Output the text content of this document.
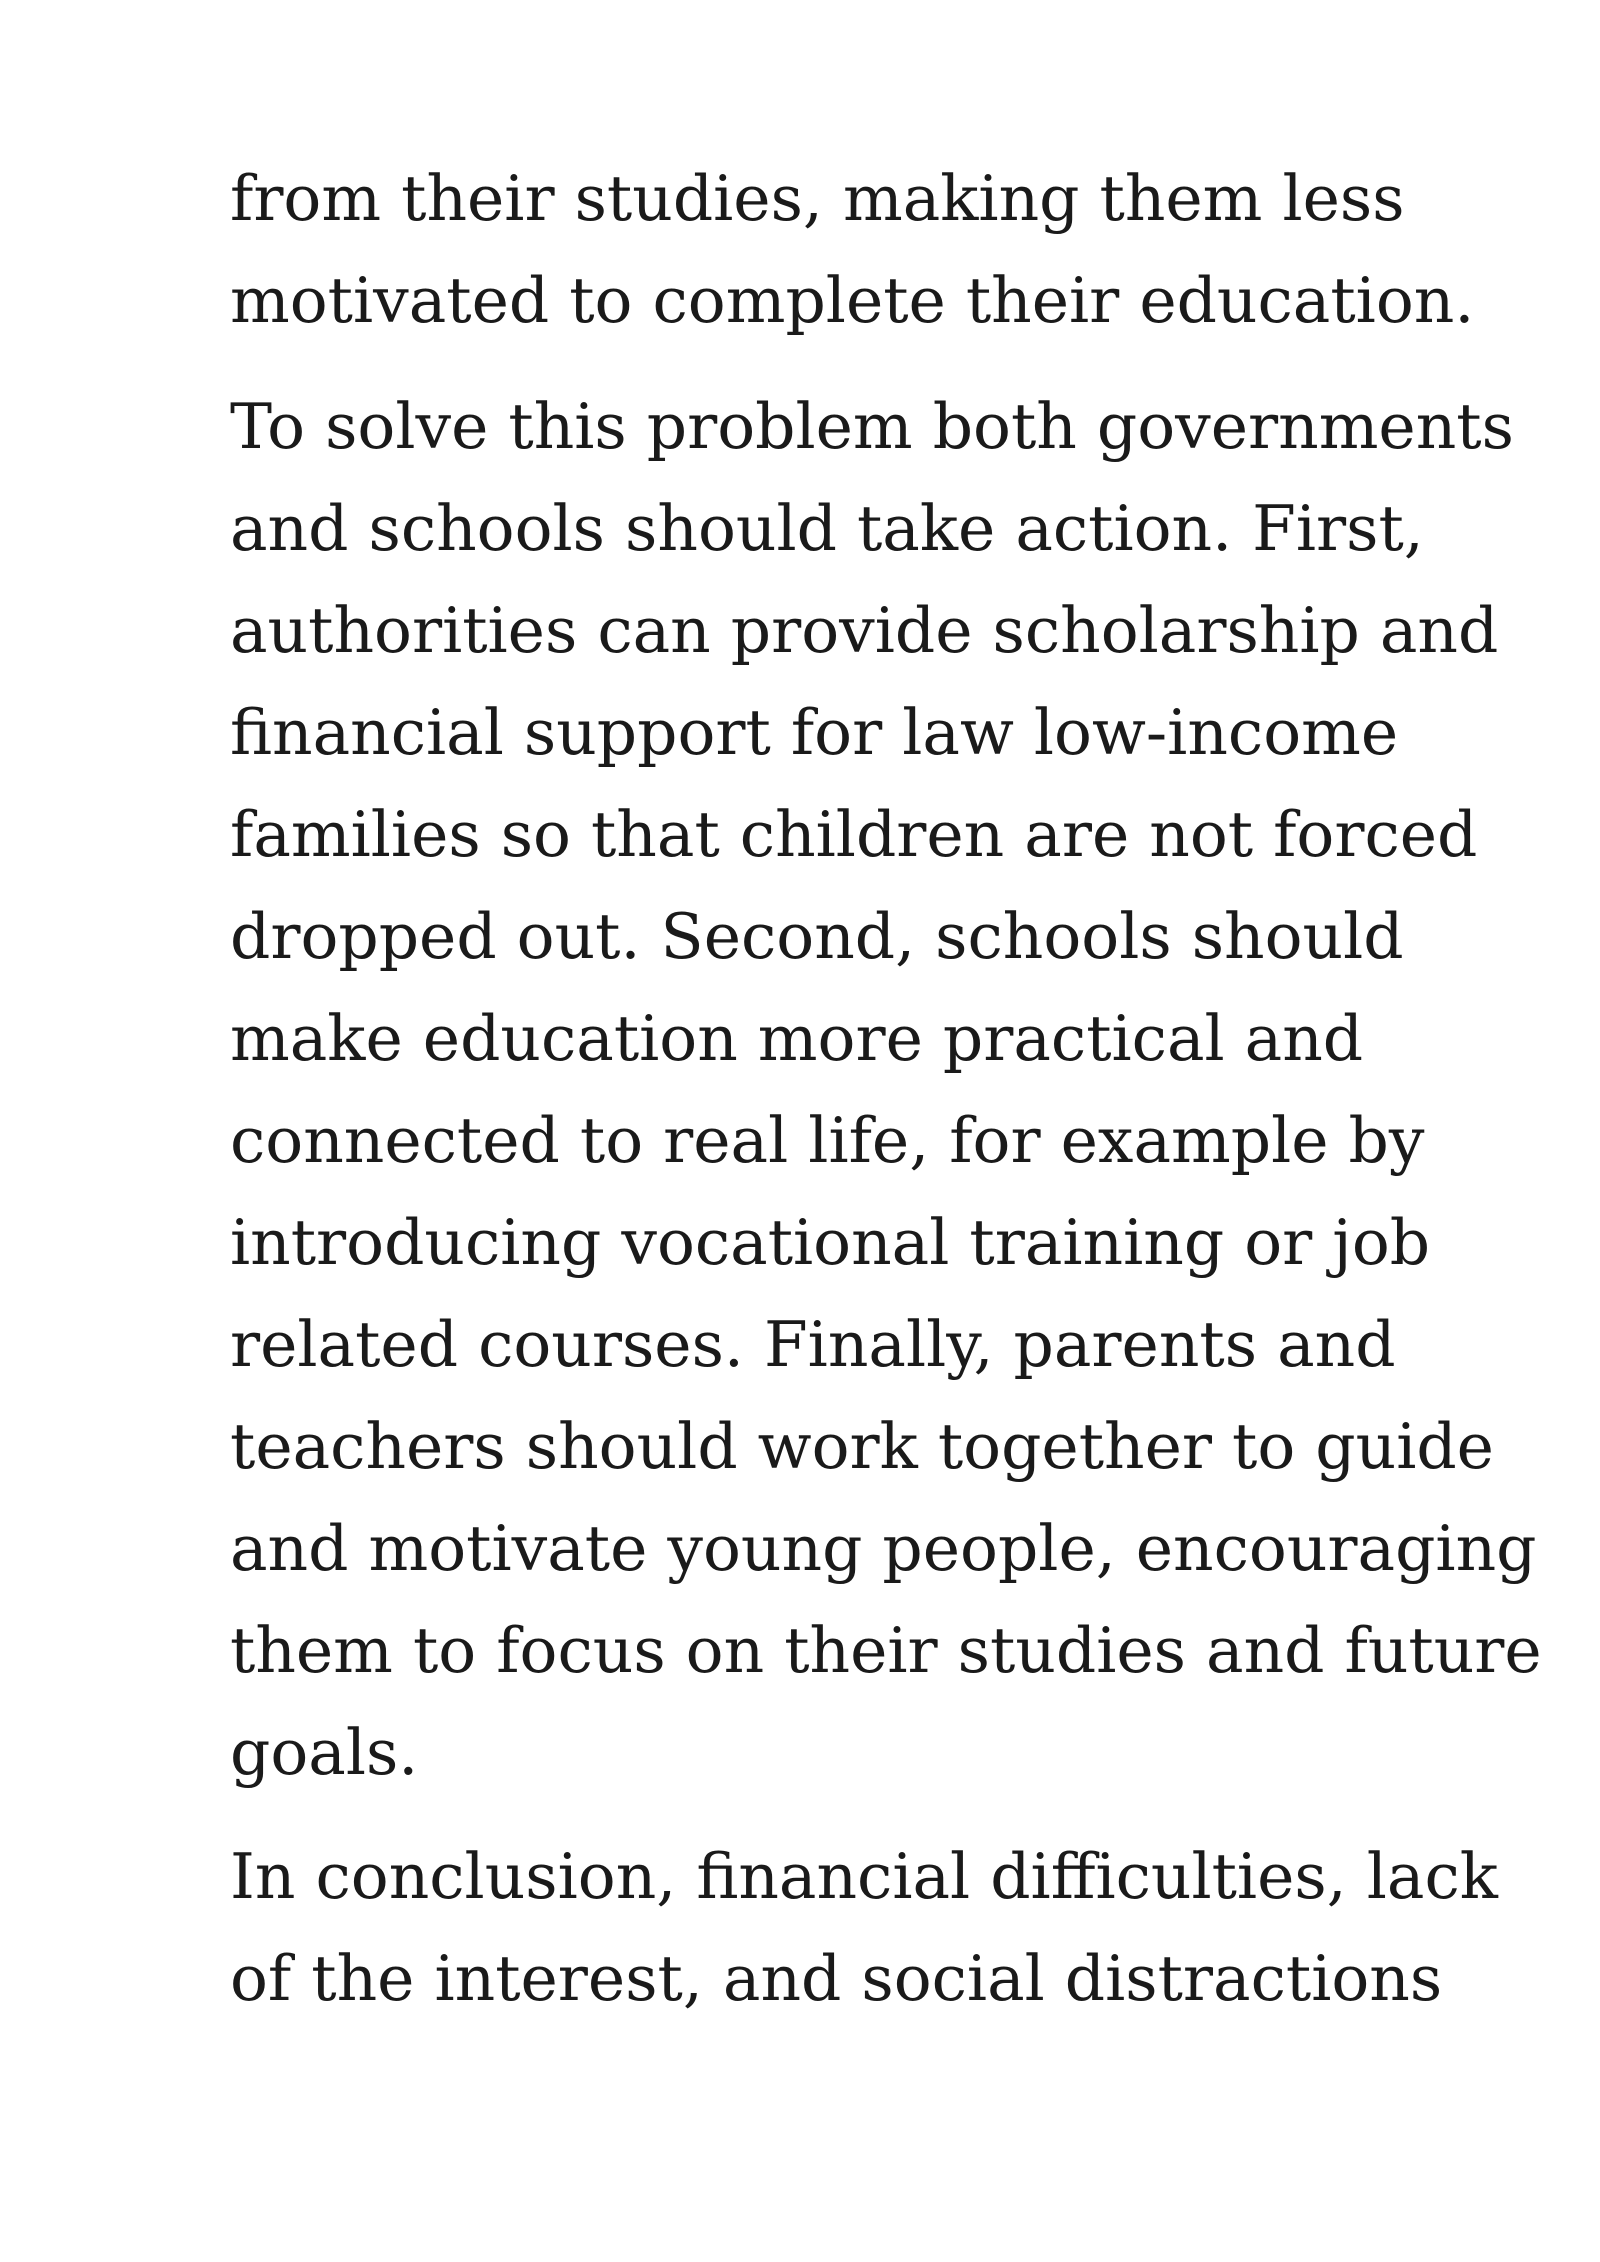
from their studies, making them less
motivated to complete their education.
To solve this problem both governments
and schools should take action. First,
authorities can provide scholarship and
financial support for law low-income
families so that children are not forced
dropped out. Second, schools should
make education more practical and
connected to real life, for example by
introducing vocational training or job
related courses. Finally, parents and
teachers should work together to guide
and motivate young people, encouraging
them to focus on their studies and future
goals.
In conclusion, financial difficulties, lack
of the interest, and social distractions
